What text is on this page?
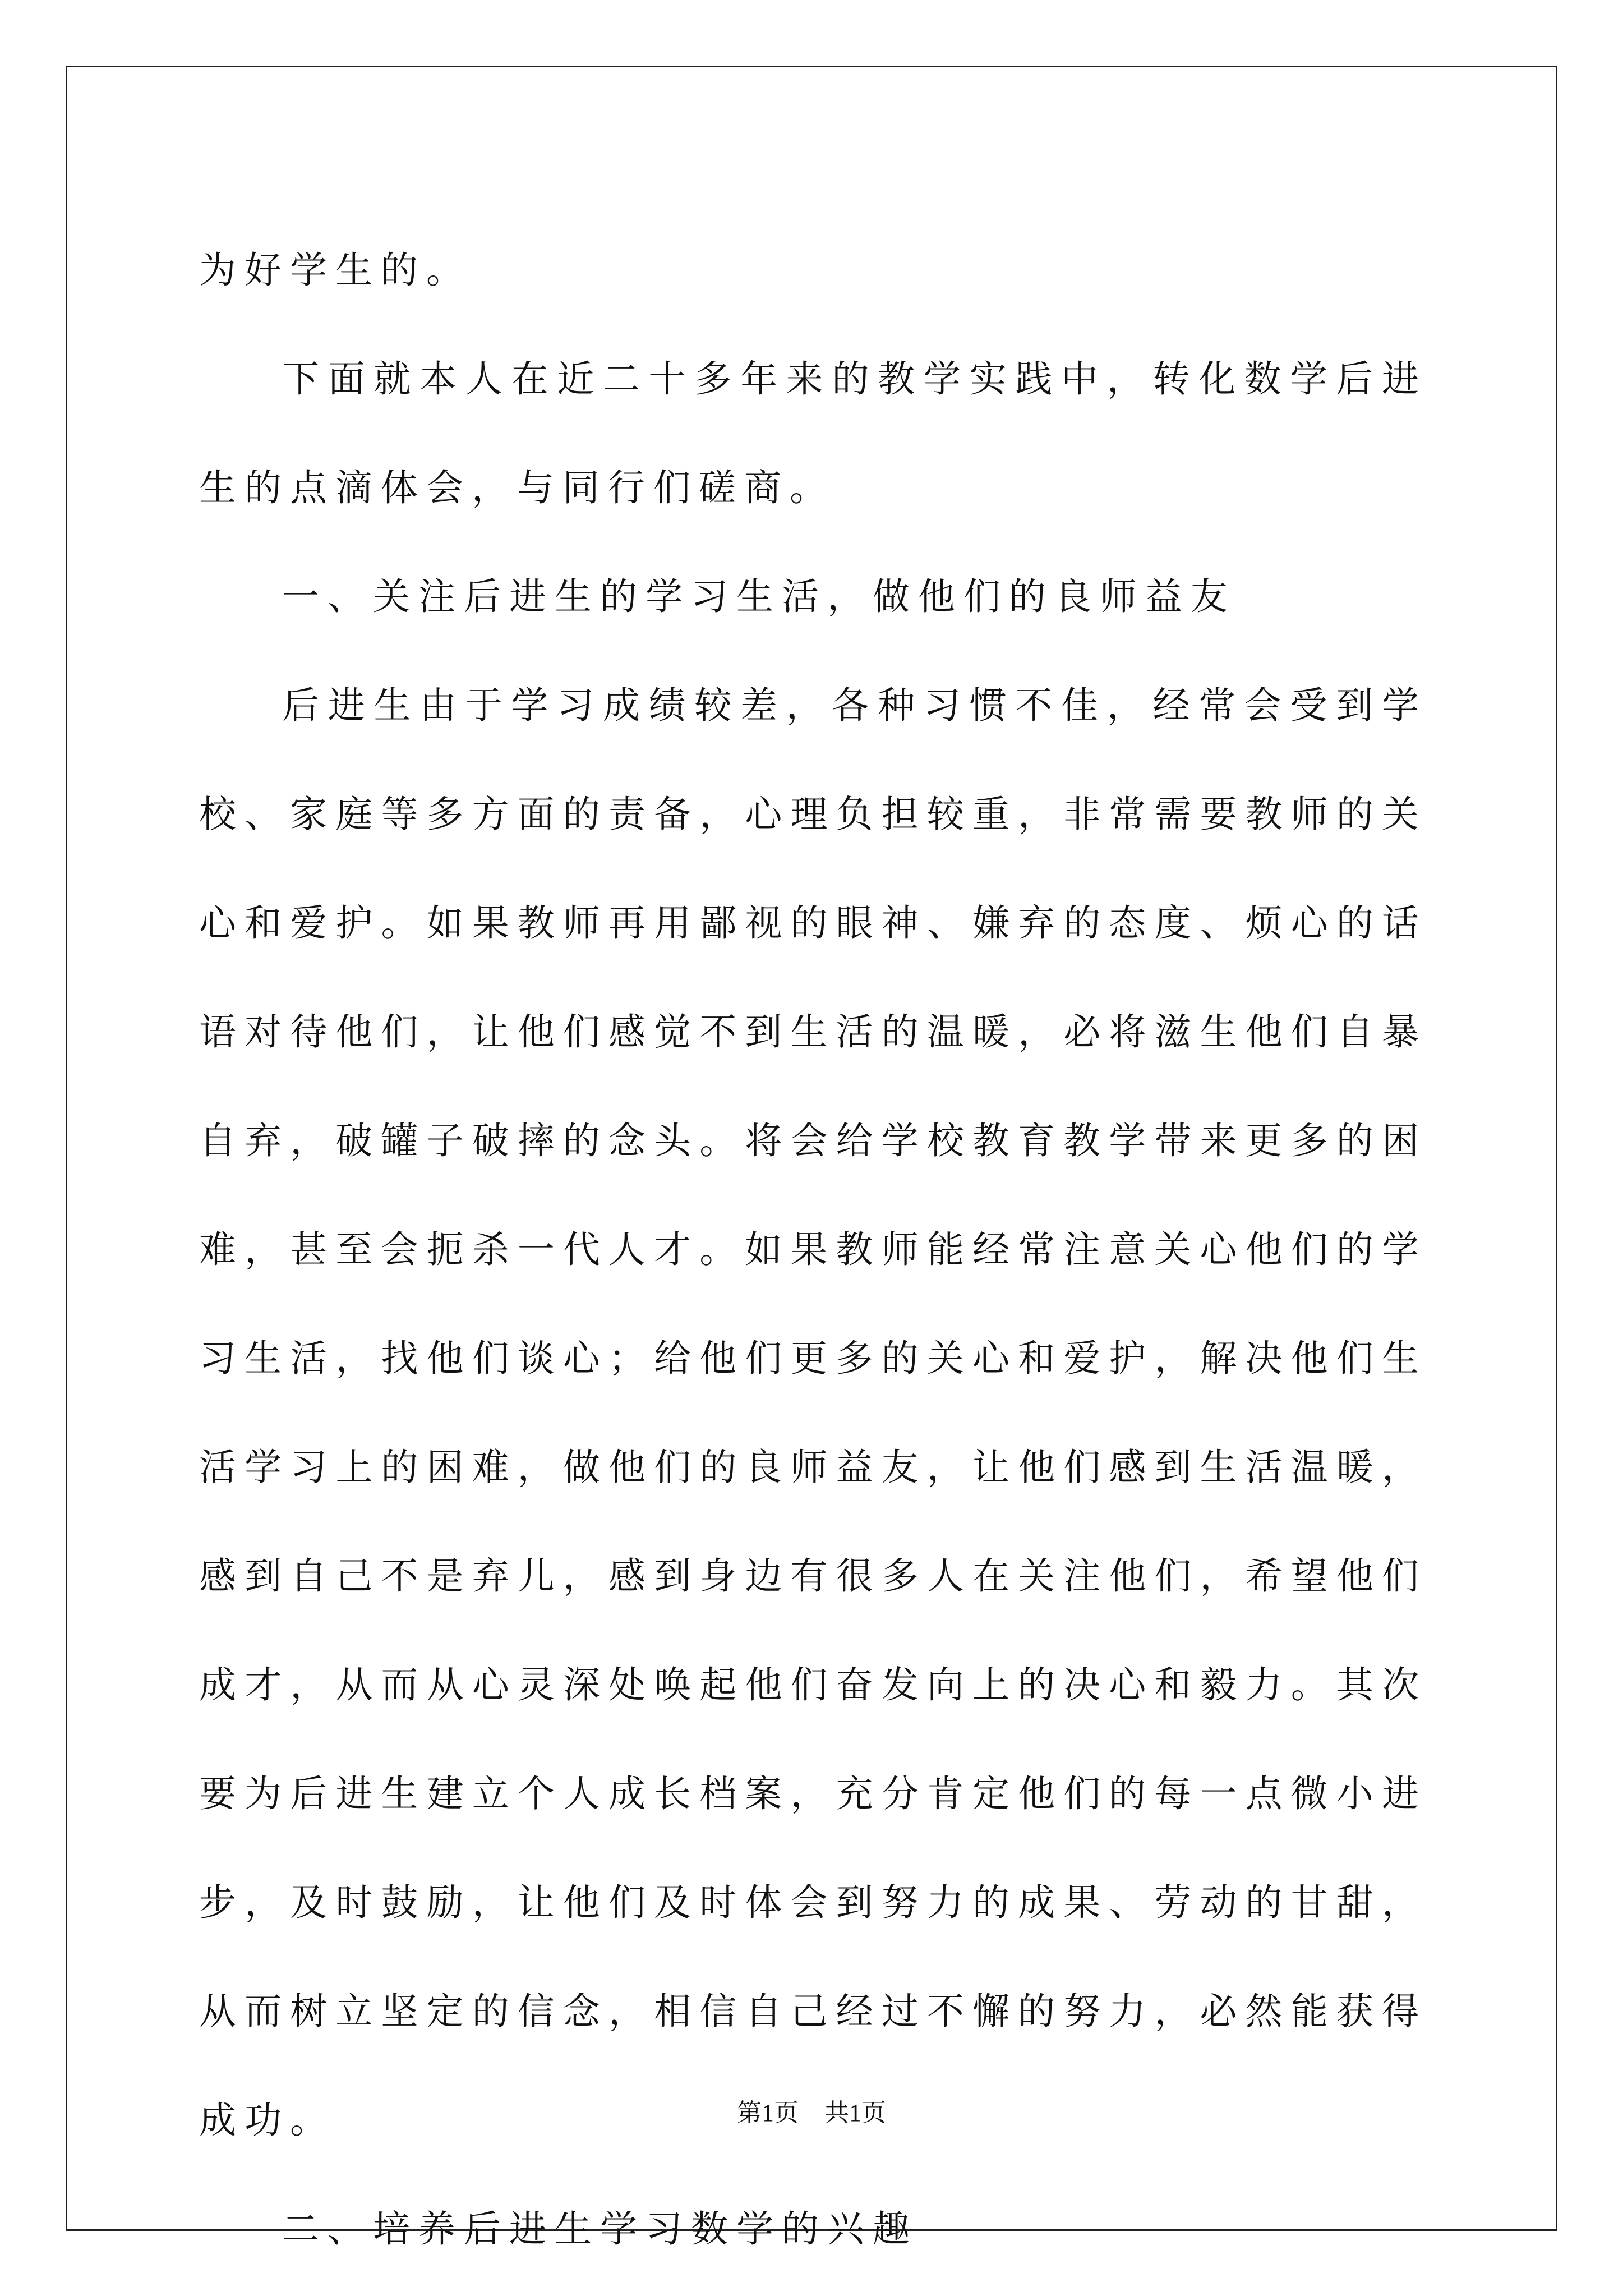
为好学生的。

下面就本人在近二十多年来的教学实践中，转化数学后进生的点滴体会，与同行们磋商。

一、关注后进生的学习生活，做他们的良师益友

后进生由于学习成绩较差，各种习惯不佳，经常会受到学校、家庭等多方面的责备，心理负担较重，非常需要教师的关心和爱护。如果教师再用鄙视的眼神、嫌弃的态度、烦心的话语对待他们，让他们感觉不到生活的温暖，必将滋生他们自暴自弃，破罐子破摔的念头。将会给学校教育教学带来更多的困难，甚至会扼杀一代人才。如果教师能经常注意关心他们的学习生活，找他们谈心；给他们更多的关心和爱护，解决他们生活学习上的困难，做他们的良师益友，让他们感到生活温暖，感到自己不是弃儿，感到身边有很多人在关注他们，希望他们成才，从而从心灵深处唤起他们奋发向上的决心和毅力。其次要为后进生建立个人成长档案，充分肯定他们的每一点微小进步，及时鼓励，让他们及时体会到努力的成果、劳动的甘甜，从而树立坚定的信念，相信自己经过不懈的努力，必然能获得成功。

二、培养后进生学习数学的兴趣

第1页 共1页
